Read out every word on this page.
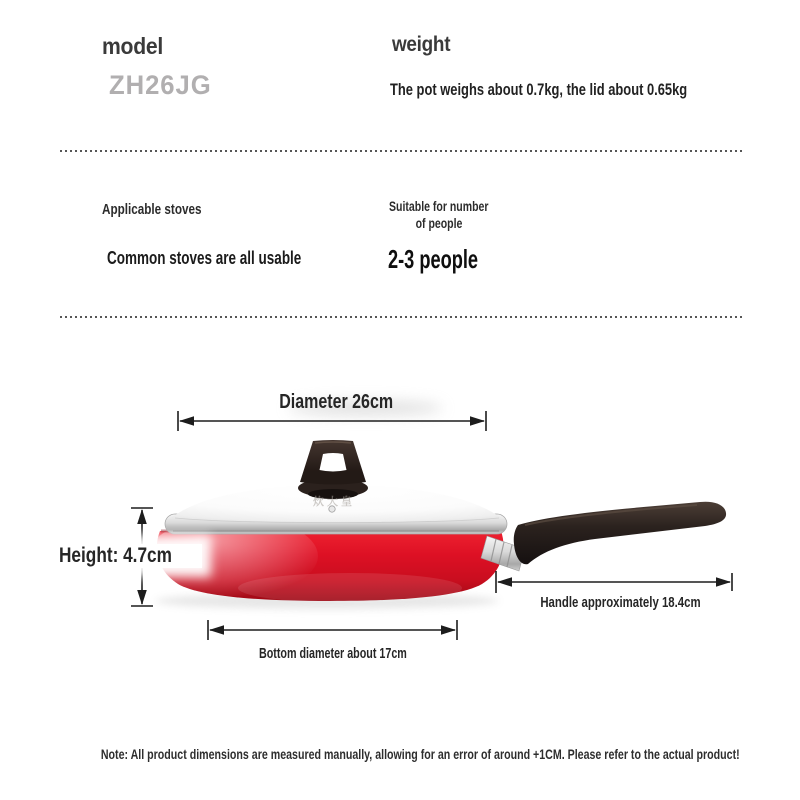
model
ZH26JG
weight
The pot weighs about 0.7kg, the lid about 0.65kg
Applicable stoves
Common stoves are all usable
Suitable for number
of people
2-3 people
Diameter 26cm
炊大皇
Height: 4.7cm
Handle approximately 18.4cm
Bottom diameter about 17cm
Note: All product dimensions are measured manually, allowing for an error of around +1CM. Please refer to the actual product!
